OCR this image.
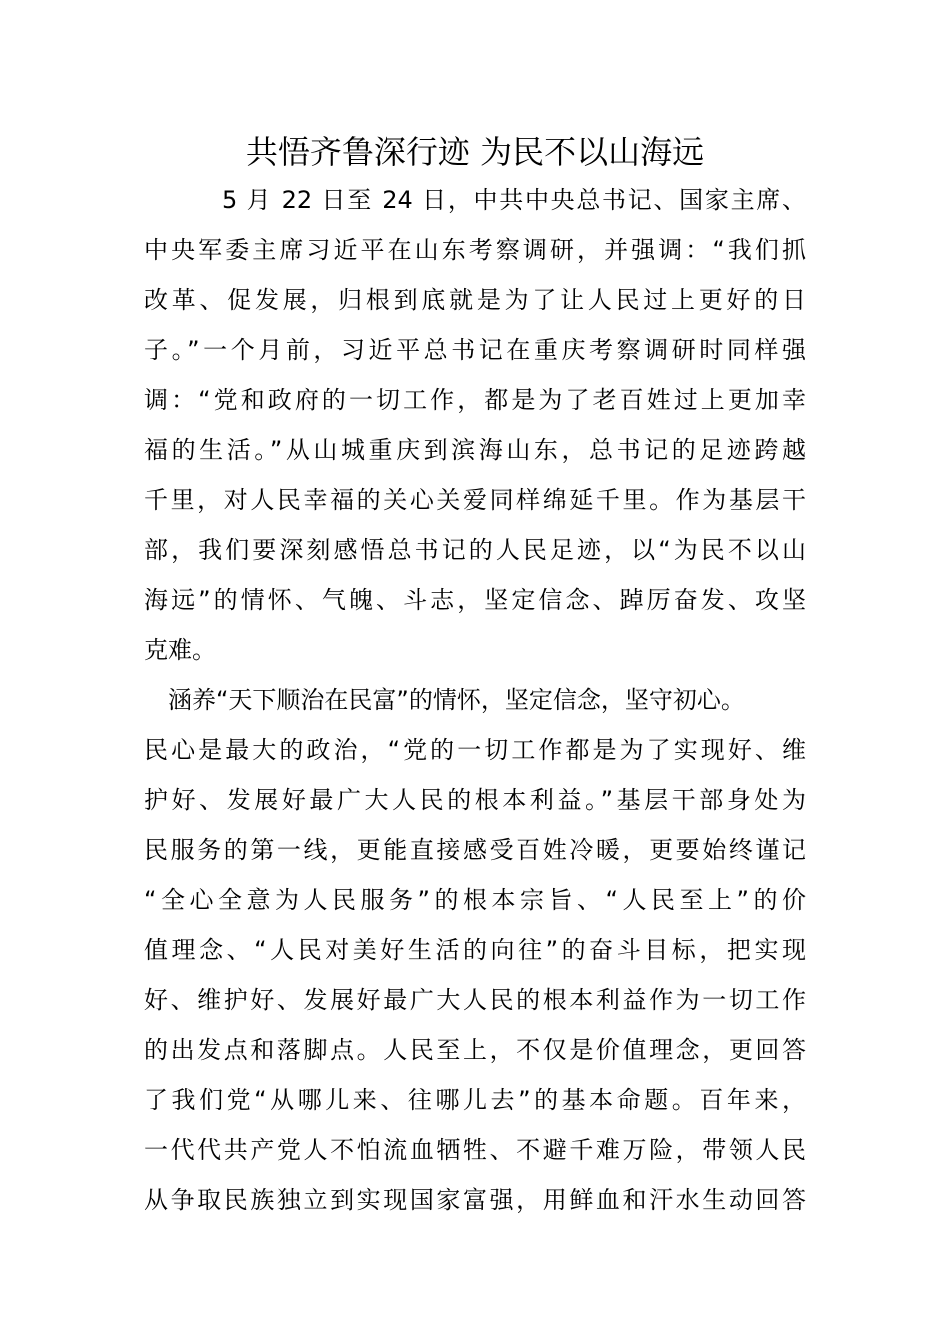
共悟齐鲁深行迹 为民不以山海远
5 月 22 日至 24 日，中共中央总书记、国家主席、
中央军委主席习近平在山东考察调研，并强调：“我们抓
改革、促发展，归根到底就是为了让人民过上更好的日
子。”一个月前，习近平总书记在重庆考察调研时同样强
调：“党和政府的一切工作，都是为了老百姓过上更加幸
福的生活。”从山城重庆到滨海山东，总书记的足迹跨越
千里，对人民幸福的关心关爱同样绵延千里。作为基层干
部，我们要深刻感悟总书记的人民足迹，以“为民不以山
海远”的情怀、气魄、斗志，坚定信念、踔厉奋发、攻坚
克难。
涵养“天下顺治在民富”的情怀，坚定信念，坚守初心。
民心是最大的政治，“党的一切工作都是为了实现好、维
护好、发展好最广大人民的根本利益。”基层干部身处为
民服务的第一线，更能直接感受百姓冷暖，更要始终谨记
“全心全意为人民服务”的根本宗旨、“人民至上”的价
值理念、“人民对美好生活的向往”的奋斗目标，把实现
好、维护好、发展好最广大人民的根本利益作为一切工作
的出发点和落脚点。人民至上，不仅是价值理念，更回答
了我们党“从哪儿来、往哪儿去”的基本命题。百年来，
一代代共产党人不怕流血牺牲、不避千难万险，带领人民
从争取民族独立到实现国家富强，用鲜血和汗水生动回答
